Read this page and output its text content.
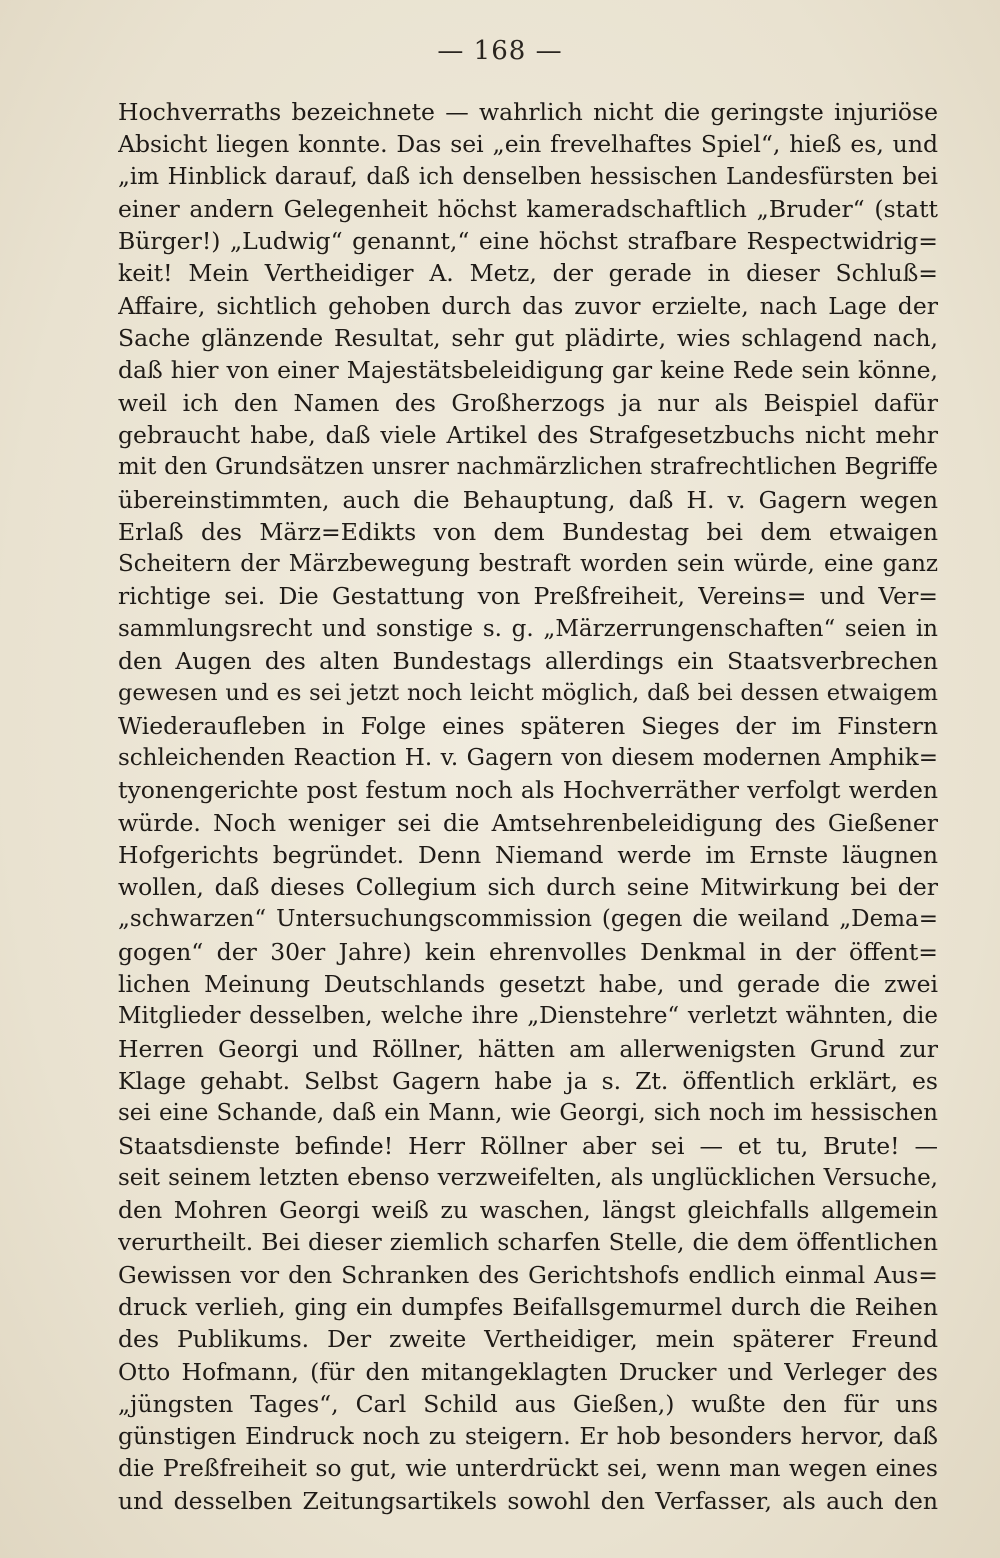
— 168 —
Hochverraths bezeichnete — wahrlich nicht die geringste injuriöse
Absicht liegen konnte. Das sei „ein frevelhaftes Spiel“, hieß es, und
„im Hinblick darauf, daß ich denselben hessischen Landesfürsten bei
einer andern Gelegenheit höchst kameradschaftlich „Bruder“ (statt
Bürger!) „Ludwig“ genannt,“ eine höchst strafbare Respectwidrig=
keit! Mein Vertheidiger A. Metz, der gerade in dieser Schluß=
Affaire, sichtlich gehoben durch das zuvor erzielte, nach Lage der
Sache glänzende Resultat, sehr gut plädirte, wies schlagend nach,
daß hier von einer Majestätsbeleidigung gar keine Rede sein könne,
weil ich den Namen des Großherzogs ja nur als Beispiel dafür
gebraucht habe, daß viele Artikel des Strafgesetzbuchs nicht mehr
mit den Grundsätzen unsrer nachmärzlichen strafrechtlichen Begriffe
übereinstimmten, auch die Behauptung, daß H. v. Gagern wegen
Erlaß des März=Edikts von dem Bundestag bei dem etwaigen
Scheitern der Märzbewegung bestraft worden sein würde, eine ganz
richtige sei. Die Gestattung von Preßfreiheit, Vereins= und Ver=
sammlungsrecht und sonstige s. g. „Märzerrungenschaften“ seien in
den Augen des alten Bundestags allerdings ein Staatsverbrechen
gewesen und es sei jetzt noch leicht möglich, daß bei dessen etwaigem
Wiederaufleben in Folge eines späteren Sieges der im Finstern
schleichenden Reaction H. v. Gagern von diesem modernen Amphik=
tyonengerichte post festum noch als Hochverräther verfolgt werden
würde. Noch weniger sei die Amtsehrenbeleidigung des Gießener
Hofgerichts begründet. Denn Niemand werde im Ernste läugnen
wollen, daß dieses Collegium sich durch seine Mitwirkung bei der
„schwarzen“ Untersuchungscommission (gegen die weiland „Dema=
gogen“ der 30er Jahre) kein ehrenvolles Denkmal in der öffent=
lichen Meinung Deutschlands gesetzt habe, und gerade die zwei
Mitglieder desselben, welche ihre „Dienstehre“ verletzt wähnten, die
Herren Georgi und Röllner, hätten am allerwenigsten Grund zur
Klage gehabt. Selbst Gagern habe ja s. Zt. öffentlich erklärt, es
sei eine Schande, daß ein Mann, wie Georgi, sich noch im hessischen
Staatsdienste befinde! Herr Röllner aber sei — et tu, Brute! —
seit seinem letzten ebenso verzweifelten, als unglücklichen Versuche,
den Mohren Georgi weiß zu waschen, längst gleichfalls allgemein
verurtheilt. Bei dieser ziemlich scharfen Stelle, die dem öffentlichen
Gewissen vor den Schranken des Gerichtshofs endlich einmal Aus=
druck verlieh, ging ein dumpfes Beifallsgemurmel durch die Reihen
des Publikums. Der zweite Vertheidiger, mein späterer Freund
Otto Hofmann, (für den mitangeklagten Drucker und Verleger des
„jüngsten Tages“, Carl Schild aus Gießen,) wußte den für uns
günstigen Eindruck noch zu steigern. Er hob besonders hervor, daß
die Preßfreiheit so gut, wie unterdrückt sei, wenn man wegen eines
und desselben Zeitungsartikels sowohl den Verfasser, als auch den
